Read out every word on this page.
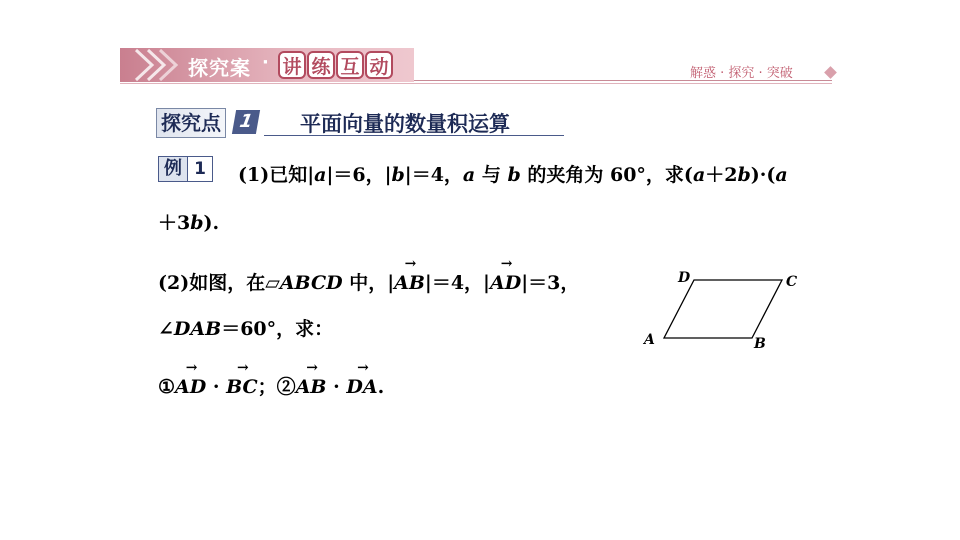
探究案 · 讲 练 互 动	解惑 · 探究 · 突破
探究点 1 平面向量的数量积运算
例 1	(1)已知|a|＝6，|b|＝4，a 与 b 的夹角为 60°，求(a＋2b)·(a
＋3b).
(2)如图，在▱ABCD 中，|→ AB|＝4，|→ AD|＝3，
∠DAB＝60°，求：
①→ AD · → BC；②→ AB · → DA.
A	B
C
D
